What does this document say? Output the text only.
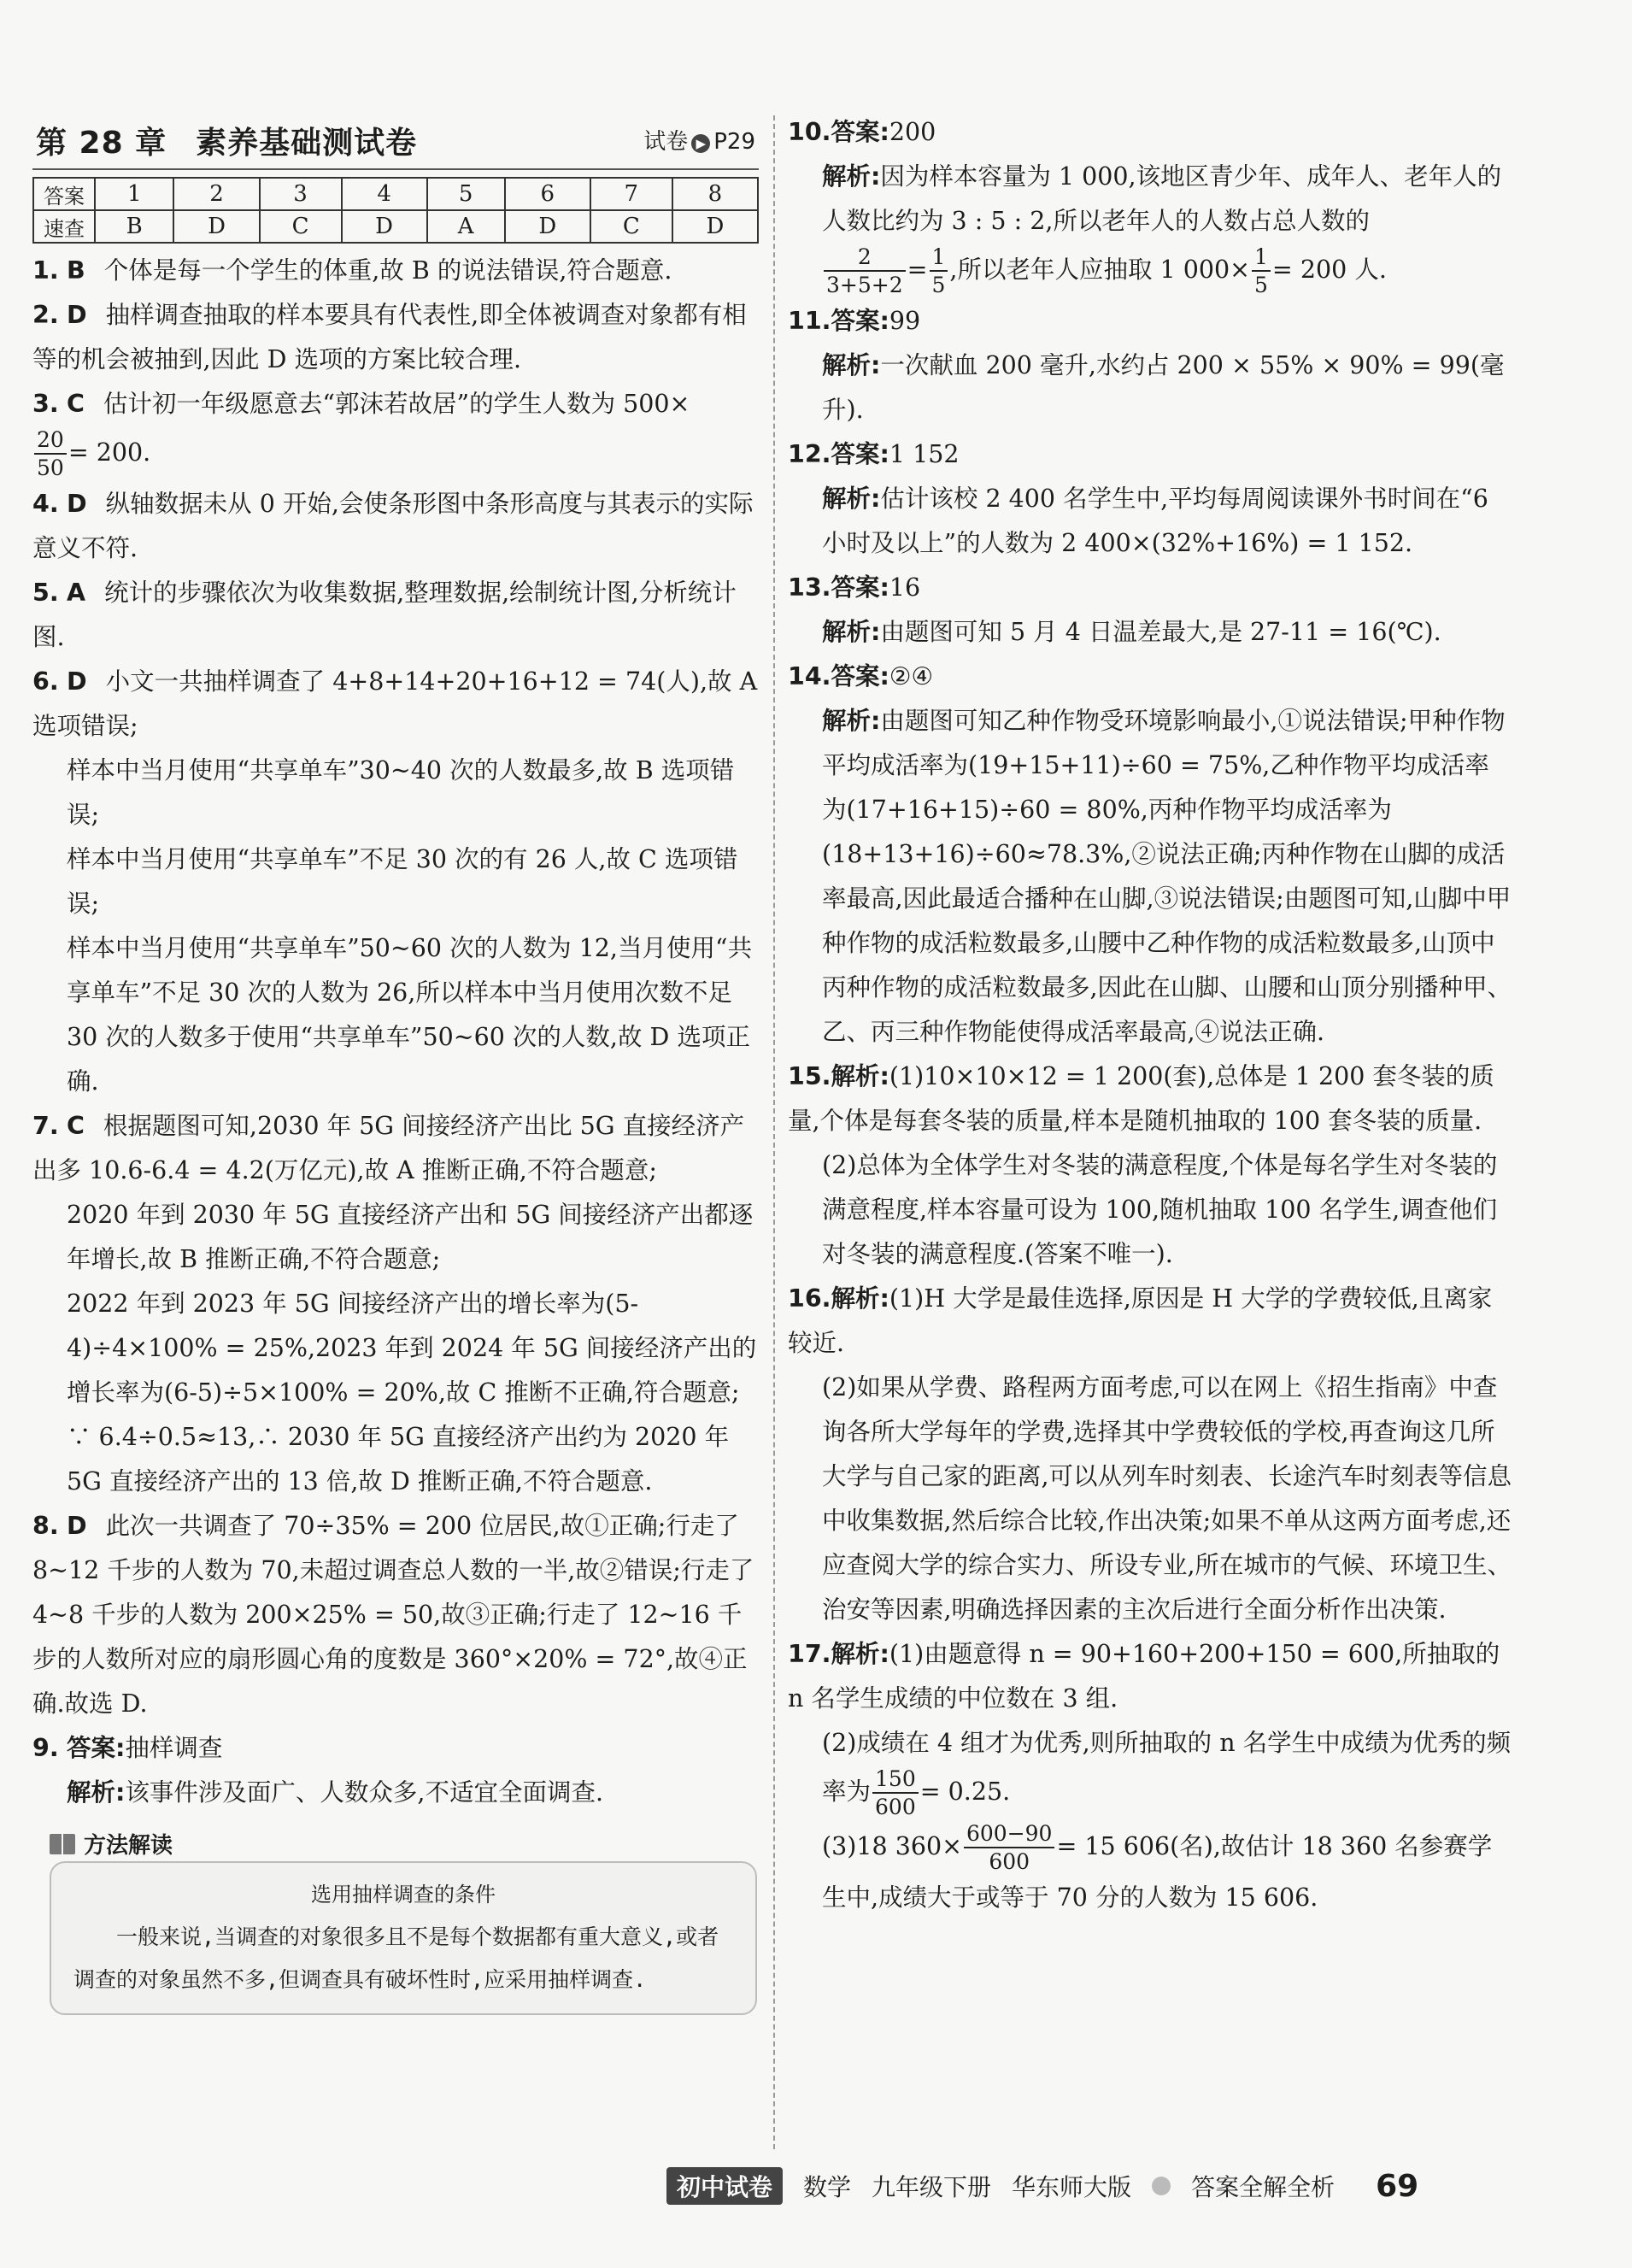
第 28 章 素养基础测试卷	试卷 ▶ P29
答案	1	2	3	4	5	6	7	8
速查	B	D	C	D	A	D	C	D
1. B 个体是每一个学生的体重,故 B 的说法错误,符合题意.
2. D 抽样调查抽取的样本要具有代表性,即全体被调查对象都有相等的机会被抽到,因此 D 选项的方案比较合理.
3. C 估计初一年级愿意去“郭沫若故居”的学生人数为 500×

$\frac{20}{50} = 200$.
4. D 纵轴数据未从 0 开始,会使条形图中条形高度与其表示的实际意义不符.
5. A 统计的步骤依次为收集数据,整理数据,绘制统计图,分析统计图.
6. D 小文一共抽样调查了 4+8+14+20+16+12 = 74(人),故 A 选项错误;
样本中当月使用“共享单车”30~40 次的人数最多,故 B 选项错误;
样本中当月使用“共享单车”不足 30 次的有 26 人,故 C 选项错误;
样本中当月使用“共享单车”50~60 次的人数为 12,当月使用“共享单车”不足 30 次的人数为 26,所以样本中当月使用次数不足 30 次的人数多于使用“共享单车”50~60 次的人数,故 D 选项正确.
7. C 根据题图可知,2030 年 5G 间接经济产出比 5G 直接经济产出多 10.6-6.4 = 4.2(万亿元),故 A 推断正确,不符合题意;
2020 年到 2030 年 5G 直接经济产出和 5G 间接经济产出都逐年增长,故 B 推断正确,不符合题意;
2022 年到 2023 年 5G 间接经济产出的增长率为(5-4)÷4×100% = 25%,2023 年到 2024 年 5G 间接经济产出的增长率为(6-5)÷5×100% = 20%,故 C 推断不正确,符合题意;
∵ 6.4÷0.5≈13,∴ 2030 年 5G 直接经济产出约为 2020 年 5G 直接经济产出的 13 倍,故 D 推断正确,不符合题意.
8. D 此次一共调查了 70÷35% = 200 位居民,故①正确;行走了 8~12 千步的人数为 70,未超过调查总人数的一半,故②错误;行走了 4~8 千步的人数为 200×25% = 50,故③正确;行走了 12~16 千步的人数所对应的扇形圆心角的度数是 360°×20% = 72°,故④正确.故选 D.
9. 答案:抽样调查
解析:该事件涉及面广、人数众多,不适宜全面调查.
方法解读
选用抽样调查的条件
一般来说,当调查的对象很多且不是每个数据都有重大意义,或者调查的对象虽然不多,但调查具有破坏性时,应采用抽样调查.
10.答案:200
解析:因为样本容量为 1 000,该地区青少年、成年人、老年人的人数比约为 3 : 5 : 2,所以老年人的人数占总人数的
$\frac{2}{3+5+2} = \frac{1}{5}$ ,所以老年人应抽取 1 $000\times \frac{1}{5} = 200$ 人.
11.答案:99
解析:一次献血 200 毫升,水约占 200 × 55% × 90% = 99(毫升).
12.答案:1 152
解析:估计该校 2 400 名学生中,平均每周阅读课外书时间在“6 小时及以上”的人数为 2 400×(32%+16%) = 1 152.
13.答案:16
解析:由题图可知 5 月 4 日温差最大,是 27-11 = 16(℃).
14.答案:②④
解析:由题图可知乙种作物受环境影响最小,①说法错误;甲种作物平均成活率为(19+15+11)÷60 = 75%,乙种作物平均成活率为(17+16+15)÷60 = 80%,丙种作物平均成活率为(18+13+16)÷60≈78.3%,②说法正确;丙种作物在山脚的成活率最高,因此最适合播种在山脚,③说法错误;由题图可知,山脚中甲种作物的成活粒数最多,山腰中乙种作物的成活粒数最多,山顶中丙种作物的成活粒数最多,因此在山脚、山腰和山顶分别播种甲、乙、丙三种作物能使得成活率最高,④说法正确.
15.解析:(1)10×10×12 = 1 200(套),总体是 1 200 套冬装的质量,个体是每套冬装的质量,样本是随机抽取的 100 套冬装的质量.
(2)总体为全体学生对冬装的满意程度,个体是每名学生对冬装的满意程度,样本容量可设为 100,随机抽取 100 名学生,调查他们对冬装的满意程度.(答案不唯一).
16.解析:(1)H 大学是最佳选择,原因是 H 大学的学费较低,且离家较近.
(2)如果从学费、路程两方面考虑,可以在网上《招生指南》中查询各所大学每年的学费,选择其中学费较低的学校,再查询这几所大学与自己家的距离,可以从列车时刻表、长途汽车时刻表等信息中收集数据,然后综合比较,作出决策;如果不单从这两方面考虑,还应查阅大学的综合实力、所设专业,所在城市的气候、环境卫生、治安等因素,明确选择因素的主次后进行全面分析作出决策.
17.解析:(1)由题意得 n = 90+160+200+150 = 600,所抽取的 n 名学生成绩的中位数在 3 组.
(2)成绩在 4 组才为优秀,则所抽取的 n 名学生中成绩为优秀的频率为 $\frac{150}{600} = 0.25$.
(3)18 $360\times \frac{600-90}{600} = 15$ 606(名),故估计 18 360 名参赛学生中,成绩大于或等于 70 分的人数为 15 606.
初中试卷	数学 九年级下册 华东师大版	答案全解全析 69
